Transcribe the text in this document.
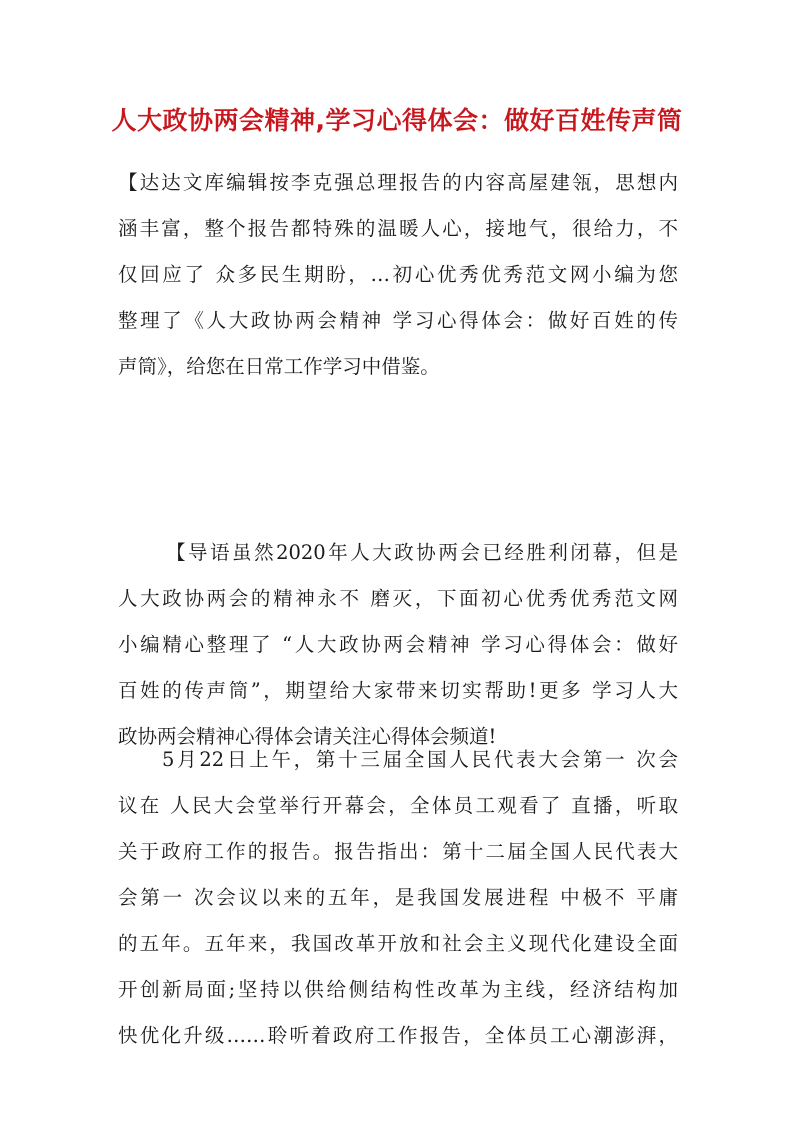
人大政协两会精神,学习心得体会：做好百姓传声筒
【达达文库编辑按李克强总理报告的内容高屋建瓴，思想内
涵丰富，整个报告都特殊的温暖人心，接地气，很给力，不
仅回应了 众多民生期盼，…初心优秀优秀范文网小编为您
整理了《人大政协两会精神 学习心得体会：做好百姓的传
声筒》，给您在日常工作学习中借鉴。
【导语虽然2020年人大政协两会已经胜利闭幕，但是
人大政协两会的精神永不 磨灭，下面初心优秀优秀范文网
小编精心整理了 “人大政协两会精神 学习心得体会：做好
百姓的传声筒”，期望给大家带来切实帮助!更多 学习人大
政协两会精神心得体会请关注心得体会频道!
5月22日上午，第十三届全国人民代表大会第一 次会
议在 人民大会堂举行开幕会，全体员工观看了 直播，听取
关于政府工作的报告。报告指出：第十二届全国人民代表大
会第一 次会议以来的五年，是我国发展进程 中极不 平庸
的五年。五年来，我国改革开放和社会主义现代化建设全面
开创新局面;坚持以供给侧结构性改革为主线，经济结构加
快优化升级……聆听着政府工作报告，全体员工心潮澎湃，
